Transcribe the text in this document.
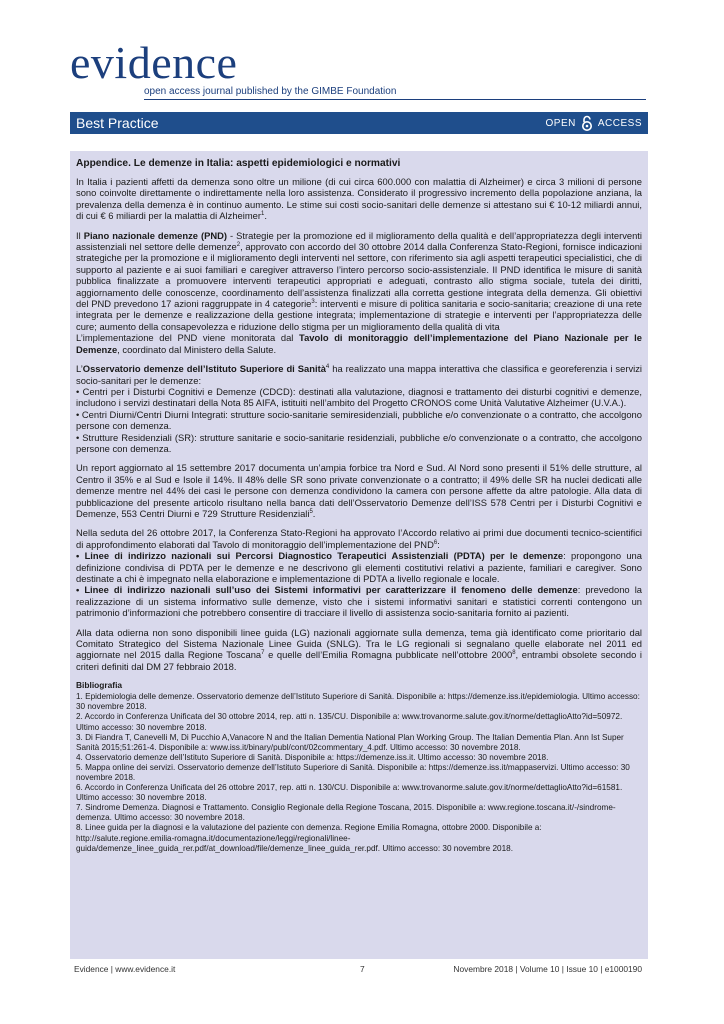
evidence
open access journal published by the GIMBE Foundation
Best Practice	OPEN ACCESS
Appendice. Le demenze in Italia: aspetti epidemiologici e normativi

In Italia i pazienti affetti da demenza sono oltre un milione (di cui circa 600.000 con malattia di Alzheimer) e circa 3 milioni di persone sono coinvolte direttamente o indirettamente nella loro assistenza. Considerato il progressivo incremento della popolazione anziana, la prevalenza della demenza è in continuo aumento. Le stime sui costi socio-sanitari delle demenze si attestano sui € 10-12 miliardi annui, di cui € 6 miliardi per la malattia di Alzheimer$^1$.

Il Piano nazionale demenze (PND) - Strategie per la promozione ed il miglioramento della qualità e dell’appropriatezza degli interventi assistenziali nel settore delle demenze$^2$, approvato con accordo del 30 ottobre 2014 dalla Conferenza Stato-Regioni, fornisce indicazioni strategiche per la promozione e il miglioramento degli interventi nel settore, con riferimento sia agli aspetti terapeutici specialistici, che di supporto al paziente e ai suoi familiari e caregiver attraverso l’intero percorso socio-assistenziale. Il PND identifica le misure di sanità pubblica finalizzate a promuovere interventi terapeutici appropriati e adeguati, contrasto allo stigma sociale, tutela dei diritti, aggiornamento delle conoscenze, coordinamento dell’assistenza finalizzati alla corretta gestione integrata della demenza. Gli obiettivi del PND prevedono 17 azioni raggruppate in 4 categorie$^3$: interventi e misure di politica sanitaria e socio-sanitaria; creazione di una rete integrata per le demenze e realizzazione della gestione integrata; implementazione di strategie e interventi per l’appropriatezza delle cure; aumento della consapevolezza e riduzione dello stigma per un miglioramento della qualità di vita
L’implementazione del PND viene monitorata dal Tavolo di monitoraggio dell’implementazione del Piano Nazionale per le Demenze, coordinato dal Ministero della Salute.

L’Osservatorio demenze dell’Istituto Superiore di Sanità$^4$ ha realizzato una mappa interattiva che classifica e georeferenzia i servizi socio-sanitari per le demenze:
• Centri per i Disturbi Cognitivi e Demenze (CDCD): destinati alla valutazione, diagnosi e trattamento dei disturbi cognitivi e demenze, includono i servizi destinatari della Nota 85 AIFA, istituiti nell’ambito del Progetto CRONOS come Unità Valutative Alzheimer (U.V.A.).
• Centri Diurni/Centri Diurni Integrati: strutture socio-sanitarie semiresidenziali, pubbliche e/o convenzionate o a contratto, che accolgono persone con demenza.
• Strutture Residenziali (SR): strutture sanitarie e socio-sanitarie residenziali, pubbliche e/o convenzionate o a contratto, che accolgono persone con demenza.

Un report aggiornato al 15 settembre 2017 documenta un’ampia forbice tra Nord e Sud. Al Nord sono presenti il 51% delle strutture, al Centro il 35% e al Sud e Isole il 14%. Il 48% delle SR sono private convenzionate o a contratto; il 49% delle SR ha nuclei dedicati alle demenze mentre nel 44% dei casi le persone con demenza condividono la camera con persone affette da altre patologie. Alla data di pubblicazione del presente articolo risultano nella banca dati dell’Osservatorio Demenze dell’ISS 578 Centri per i Disturbi Cognitivi e Demenze, 553 Centri Diurni e 729 Strutture Residenziali$^5$.

Nella seduta del 26 ottobre 2017, la Conferenza Stato-Regioni ha approvato l’Accordo relativo ai primi due documenti tecnico-scientifici di approfondimento elaborati dal Tavolo di monitoraggio dell’implementazione del PND$^6$:
• Linee di indirizzo nazionali sui Percorsi Diagnostico Terapeutici Assistenziali (PDTA) per le demenze: propongono una definizione condivisa di PDTA per le demenze e ne descrivono gli elementi costitutivi relativi a paziente, familiari e caregiver. Sono destinate a chi è impegnato nella elaborazione e implementazione di PDTA a livello regionale e locale.
• Linee di indirizzo nazionali sull’uso dei Sistemi informativi per caratterizzare il fenomeno delle demenze: prevedono la realizzazione di un sistema informativo sulle demenze, visto che i sistemi informativi sanitari e statistici correnti contengono un patrimonio d’informazioni che potrebbero consentire di tracciare il livello di assistenza socio-sanitaria fornito ai pazienti.

Alla data odierna non sono disponibili linee guida (LG) nazionali aggiornate sulla demenza, tema già identificato come prioritario dal Comitato Strategico del Sistema Nazionale Linee Guida (SNLG). Tra le LG regionali si segnalano quelle elaborate nel 2011 ed aggiornate nel 2015 dalla Regione Toscana$^7$ e quelle dell’Emilia Romagna pubblicate nell’ottobre 2000$^8$, entrambi obsolete secondo i criteri definiti dal DM 27 febbraio 2018.

Bibliografia

1. Epidemiologia delle demenze. Osservatorio demenze dell’Istituto Superiore di Sanità. Disponibile a: https://demenze.iss.it/epidemiologia. Ultimo accesso: 30 novembre 2018.

2. Accordo in Conferenza Unificata del 30 ottobre 2014, rep. atti n. 135/CU. Disponibile a: www.trovanorme.salute.gov.it/norme/dettaglioAtto?id=50972. Ultimo accesso: 30 novembre 2018.

3. Di Fiandra T, Canevelli M, Di Pucchio A,Vanacore N and the Italian Dementia National Plan Working Group. The Italian Dementia Plan. Ann Ist Super Sanità 2015;51:261-4. Disponibile a: www.iss.it/binary/publ/cont/02commentary_4.pdf. Ultimo accesso: 30 novembre 2018.

4. Osservatorio demenze dell’Istituto Superiore di Sanità. Disponibile a: https://demenze.iss.it. Ultimo accesso: 30 novembre 2018.

5. Mappa online dei servizi. Osservatorio demenze dell’Istituto Superiore di Sanità. Disponibile a: https://demenze.iss.it/mappaservizi. Ultimo accesso: 30 novembre 2018.

6. Accordo in Conferenza Unificata del 26 ottobre 2017, rep. atti n. 130/CU. Disponibile a: www.trovanorme.salute.gov.it/norme/dettaglioAtto?id=61581. Ultimo accesso: 30 novembre 2018.

7. Sindrome Demenza. Diagnosi e Trattamento. Consiglio Regionale della Regione Toscana, 2015. Disponibile a: www.regione.toscana.it/-/sindrome-demenza. Ultimo accesso: 30 novembre 2018.

8. Linee guida per la diagnosi e la valutazione del paziente con demenza. Regione Emilia Romagna, ottobre 2000. Disponibile a: http://salute.regione.emilia-romagna.it/documentazione/leggi/regionali/linee-guida/demenze_linee_guida_rer.pdf/at_download/file/demenze_linee_guida_rer.pdf. Ultimo accesso: 30 novembre 2018.

Evidence | www.evidence.it	7	Novembre 2018 | Volume 10 | Issue 10 | e1000190
